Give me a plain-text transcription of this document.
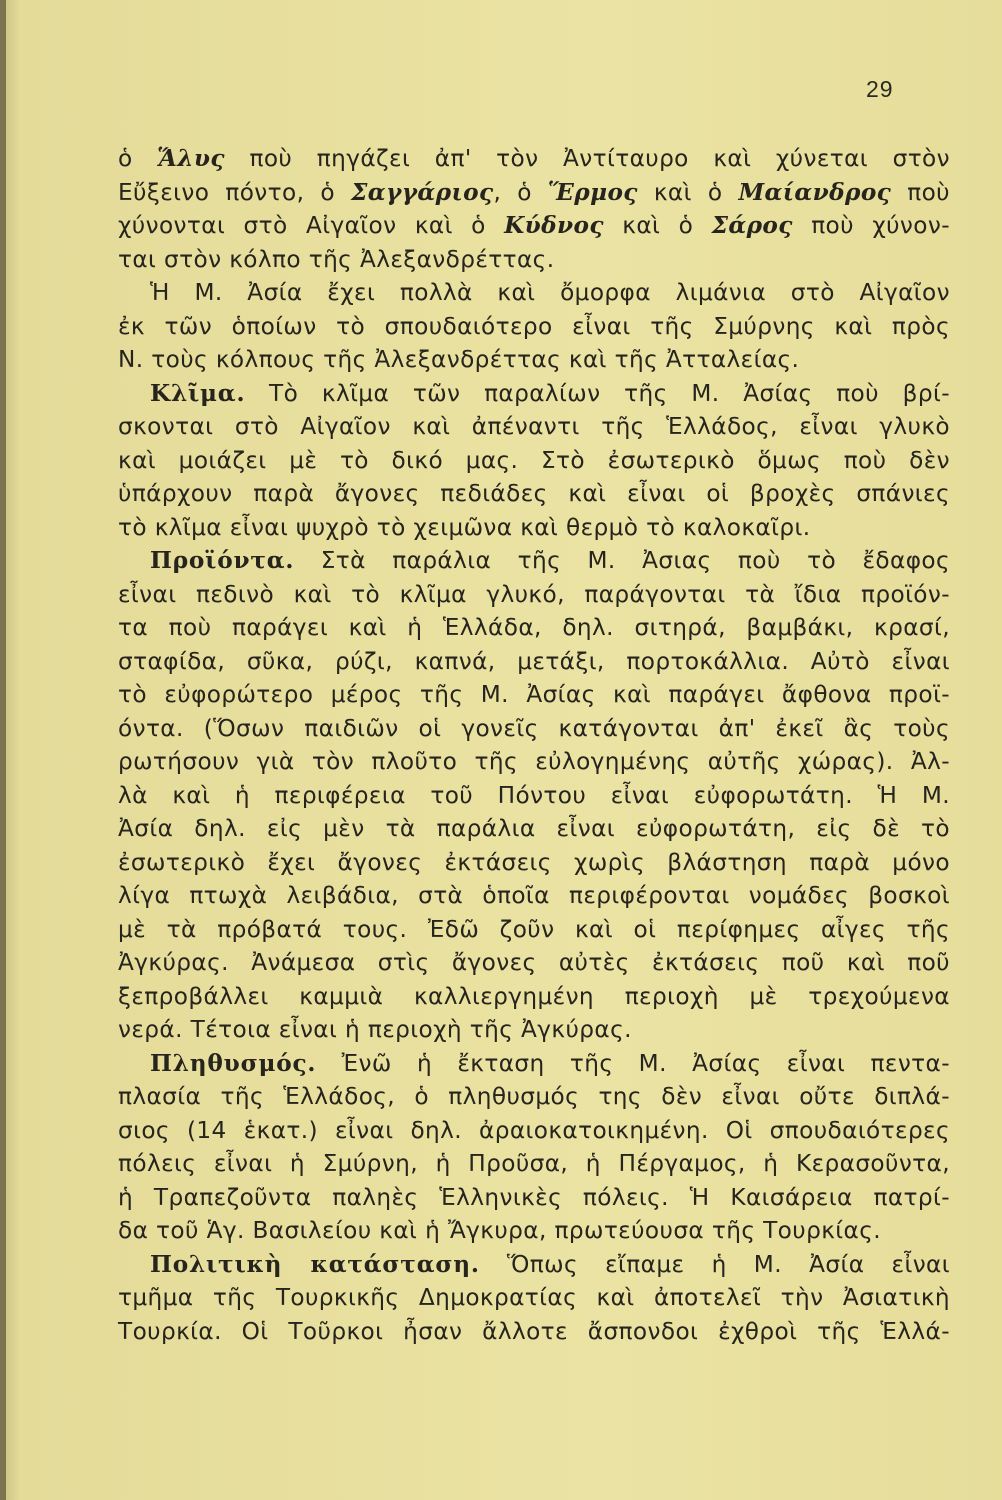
29
ὁ Ἅλυς ποὺ πηγάζει ἀπ' τὸν Ἀντίταυρο καὶ χύνεται στὸν
Εὔξεινο πόντο, ὁ Σαγγάριος, ὁ Ἕρμος καὶ ὁ Μαίανδρος ποὺ
χύνονται στὸ Αἰγαῖον καὶ ὁ Κύδνος καὶ ὁ Σάρος ποὺ χύνον-
ται στὸν κόλπο τῆς Ἀλεξανδρέττας.
Ἡ Μ. Ἀσία ἔχει πολλὰ καὶ ὄμορφα λιμάνια στὸ Αἰγαῖον
ἐκ τῶν ὁποίων τὸ σπουδαιότερο εἶναι τῆς Σμύρνης καὶ πρὸς
Ν. τοὺς κόλπους τῆς Ἀλεξανδρέττας καὶ τῆς Ἀτταλείας.
Κλῖμα. Τὸ κλῖμα τῶν παραλίων τῆς Μ. Ἀσίας ποὺ βρί-
σκονται στὸ Αἰγαῖον καὶ ἀπέναντι τῆς Ἑλλάδος, εἶναι γλυκὸ
καὶ μοιάζει μὲ τὸ δικό μας. Στὸ ἐσωτερικὸ ὅμως ποὺ δὲν
ὑπάρχουν παρὰ ἄγονες πεδιάδες καὶ εἶναι οἱ βροχὲς σπάνιες
τὸ κλῖμα εἶναι ψυχρὸ τὸ χειμῶνα καὶ θερμὸ τὸ καλοκαῖρι.
Προϊόντα. Στὰ παράλια τῆς Μ. Ἀσιας ποὺ τὸ ἔδαφος
εἶναι πεδινὸ καὶ τὸ κλῖμα γλυκό, παράγονται τὰ ἴδια προϊόν-
τα ποὺ παράγει καὶ ἡ Ἑλλάδα, δηλ. σιτηρά, βαμβάκι, κρασί,
σταφίδα, σῦκα, ρύζι, καπνά, μετάξι, πορτοκάλλια. Αὐτὸ εἶναι
τὸ εὐφορώτερο μέρος τῆς Μ. Ἀσίας καὶ παράγει ἄφθονα προϊ-
όντα. (Ὅσων παιδιῶν οἱ γονεῖς κατάγονται ἀπ' ἐκεῖ ἂς τοὺς
ρωτήσουν γιὰ τὸν πλοῦτο τῆς εὐλογημένης αὐτῆς χώρας). Ἀλ-
λὰ καὶ ἡ περιφέρεια τοῦ Πόντου εἶναι εὐφορωτάτη. Ἡ Μ.
Ἀσία δηλ. εἰς μὲν τὰ παράλια εἶναι εὐφορωτάτη, εἰς δὲ τὸ
ἐσωτερικὸ ἔχει ἄγονες ἐκτάσεις χωρὶς βλάστηση παρὰ μόνο
λίγα πτωχὰ λειβάδια, στὰ ὁποῖα περιφέρονται νομάδες βοσκοὶ
μὲ τὰ πρόβατά τους. Ἐδῶ ζοῦν καὶ οἱ περίφημες αἶγες τῆς
Ἀγκύρας. Ἀνάμεσα στὶς ἄγονες αὐτὲς ἐκτάσεις ποῦ καὶ ποῦ
ξεπροβάλλει καμμιὰ καλλιεργημένη περιοχὴ μὲ τρεχούμενα
νερά. Τέτοια εἶναι ἡ περιοχὴ τῆς Ἀγκύρας.
Πληθυσμός. Ἐνῶ ἡ ἔκταση τῆς Μ. Ἀσίας εἶναι πεντα-
πλασία τῆς Ἑλλάδος, ὁ πληθυσμός της δὲν εἶναι οὔτε διπλά-
σιος (14 ἑκατ.) εἶναι δηλ. ἀραιοκατοικημένη. Οἱ σπουδαιότερες
πόλεις εἶναι ἡ Σμύρνη, ἡ Προῦσα, ἡ Πέργαμος, ἡ Κερασοῦντα,
ἡ Τραπεζοῦντα παληὲς Ἑλληνικὲς πόλεις. Ἡ Καισάρεια πατρί-
δα τοῦ Ἁγ. Βασιλείου καὶ ἡ Ἄγκυρα, πρωτεύουσα τῆς Τουρκίας.
Πολιτικὴ κατάσταση. Ὅπως εἴπαμε ἡ Μ. Ἀσία εἶναι
τμῆμα τῆς Τουρκικῆς Δημοκρατίας καὶ ἀποτελεῖ τὴν Ἀσιατικὴ
Τουρκία. Οἱ Τοῦρκοι ἦσαν ἄλλοτε ἄσπονδοι ἐχθροὶ τῆς Ἑλλά-
